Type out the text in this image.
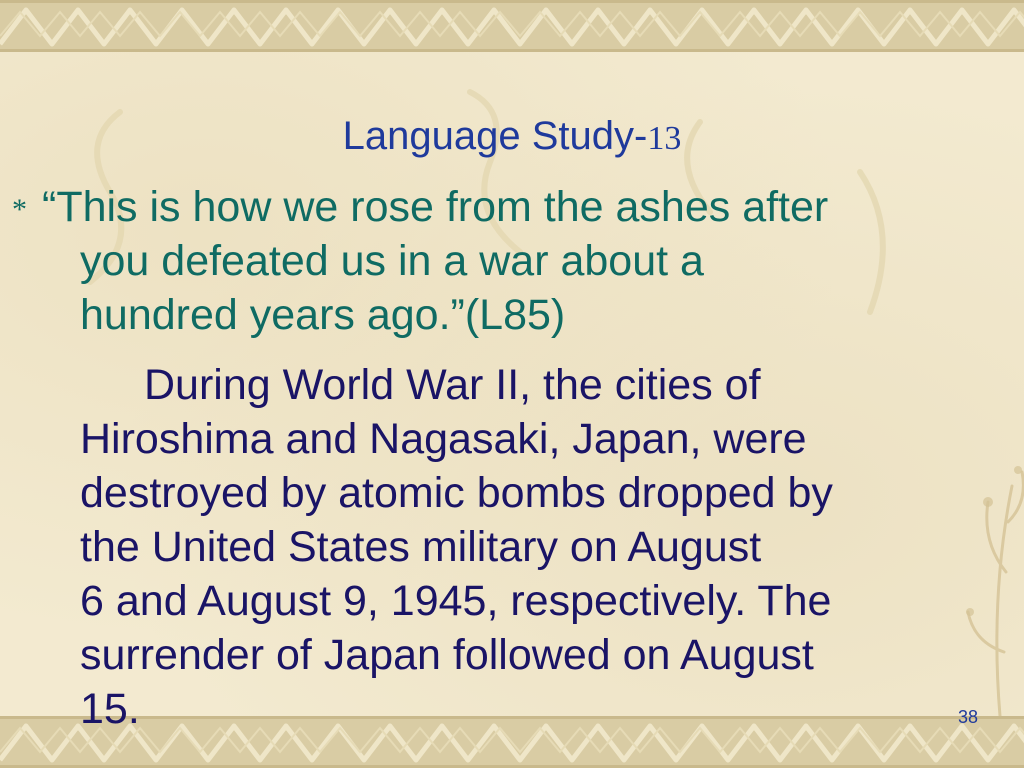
Language Study-13
* “This is how we rose from the ashes after
you defeated us in a war about a
hundred years ago.”(L85)
During World War II, the cities of
Hiroshima and Nagasaki, Japan, were
destroyed by atomic bombs dropped by
the United States military on August
6 and August 9, 1945, respectively. The
surrender of Japan followed on August
15.	38
